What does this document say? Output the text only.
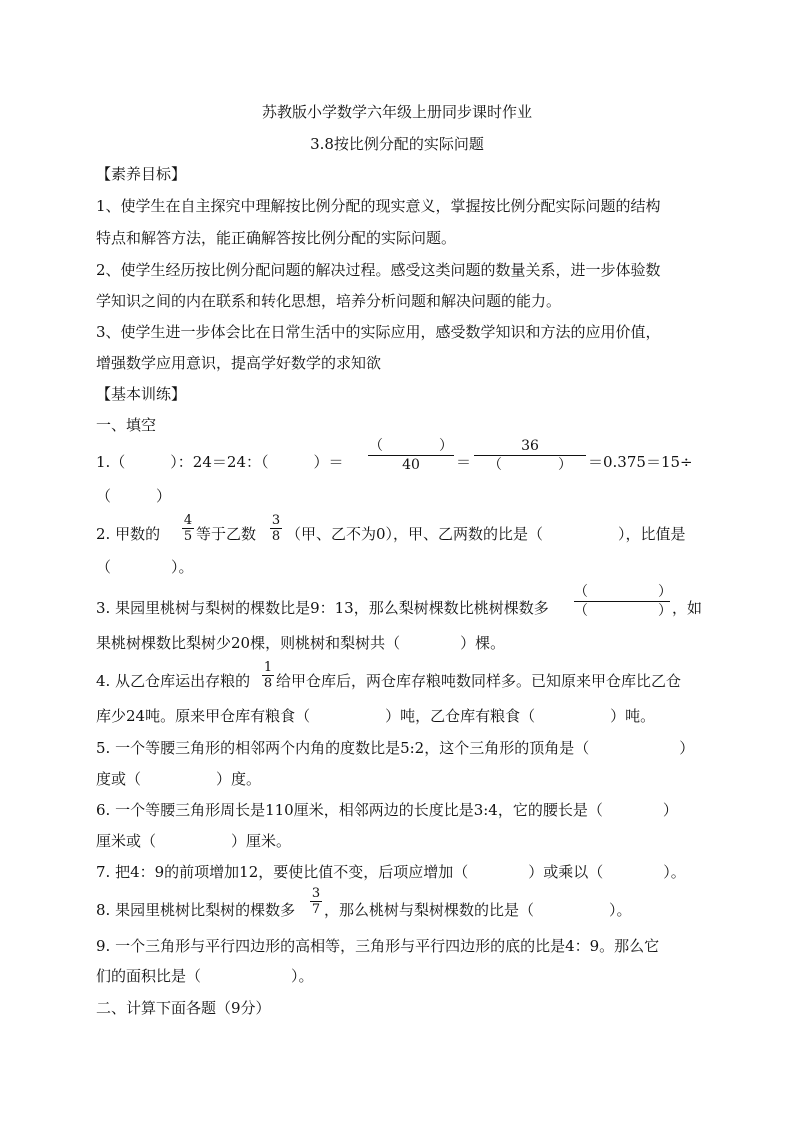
苏教版小学数学六年级上册同步课时作业
3.8按比例分配的实际问题
【素养目标】
1、使学生在自主探究中理解按比例分配的现实意义，掌握按比例分配实际问题的结构
特点和解答方法，能正确解答按比例分配的实际问题。
2、使学生经历按比例分配问题的解决过程。感受这类问题的数量关系，进一步体验数
学知识之间的内在联系和转化思想，培养分析问题和解决问题的能力。
3、使学生进一步体会比在日常生活中的实际应用，感受数学知识和方法的应用价值，
增强数学应用意识，提高学好数学的求知欲
【基本训练】
一、填空
1.（　　　）：24＝24：（　　　）＝
（　　　　）
40	＝
36
（　　　　）	＝0.375＝15÷
（　　　）
2. 甲数的
4
5 等于乙数
3
8 （甲、乙不为0），甲、乙两数的比是（　　　　　），比值是
（　　　　）。
3. 果园里桃树与梨树的棵数比是9：13，那么梨树棵数比桃树棵数多
（　　　　　）
（　　　　　） ，如
果桃树棵数比梨树少20棵，则桃树和梨树共（　　　　）棵。
4. 从乙仓库运出存粮的
1
8 给甲仓库后，两仓库存粮吨数同样多。已知原来甲仓库比乙仓
库少24吨。原来甲仓库有粮食（　　　　　）吨，乙仓库有粮食（　　　　　）吨。
5. 一个等腰三角形的相邻两个内角的度数比是5:2，这个三角形的顶角是（　　　　　　）
度或（　　　　　）度。
6. 一个等腰三角形周长是110厘米，相邻两边的长度比是3:4，它的腰长是（　　　　）
厘米或（　　　　　）厘米。
7. 把4：9的前项增加12，要使比值不变，后项应增加（　　　　）或乘以（　　　　）。
8. 果园里桃树比梨树的棵数多
3
7 ，那么桃树与梨树棵数的比是（　　　　　）。
9. 一个三角形与平行四边形的高相等，三角形与平行四边形的底的比是4：9。那么它
们的面积比是（　　　　　　）。
二、计算下面各题（9分）
